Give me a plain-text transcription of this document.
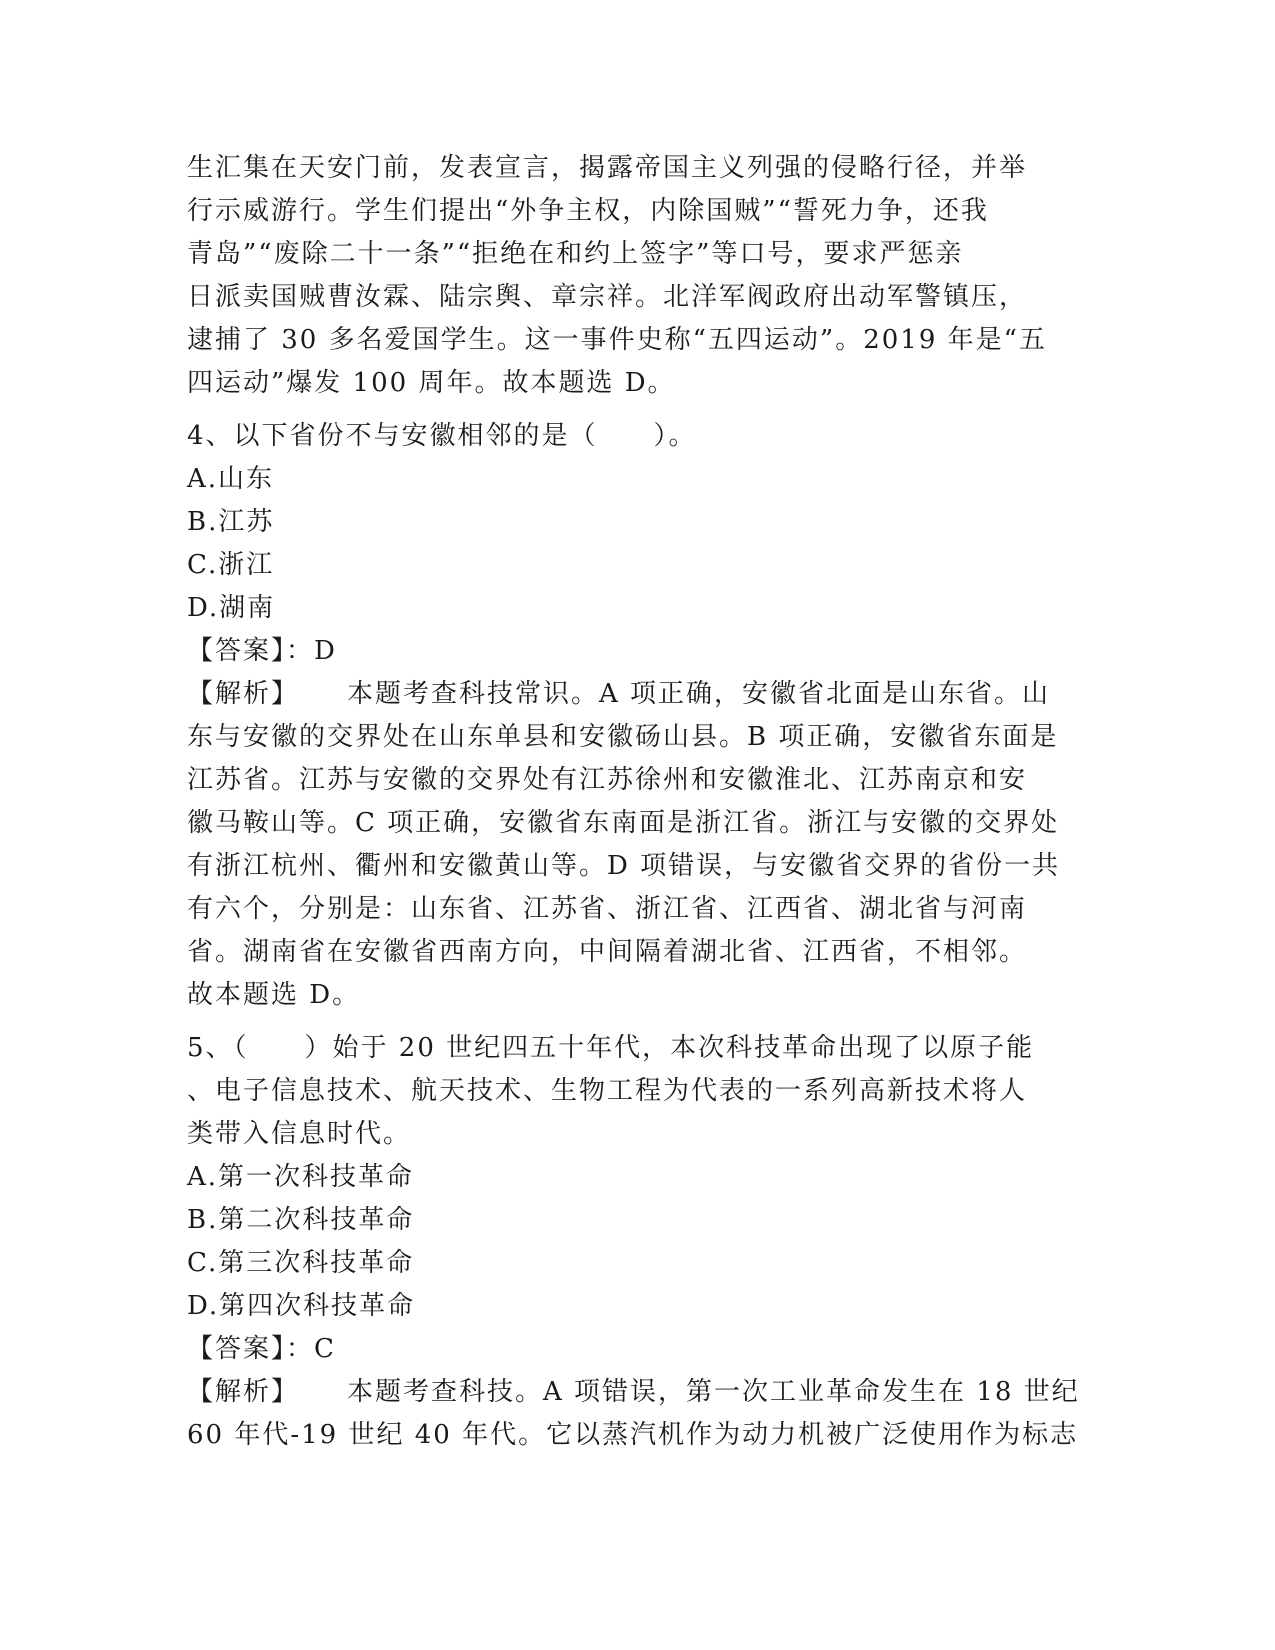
生汇集在天安门前，发表宣言，揭露帝国主义列强的侵略行径，并举
行示威游行。学生们提出“外争主权，内除国贼”“誓死力争，还我
青岛”“废除二十一条”“拒绝在和约上签字”等口号，要求严惩亲
日派卖国贼曹汝霖、陆宗舆、章宗祥。北洋军阀政府出动军警镇压，
逮捕了 30 多名爱国学生。这一事件史称“五四运动”。2019 年是“五
四运动”爆发 100 周年。故本题选 D。
4、以下省份不与安徽相邻的是（　　）。
A.山东
B.江苏
C.浙江
D.湖南
【答案】：D
【解析】 本题考查科技常识。A 项正确，安徽省北面是山东省。山
东与安徽的交界处在山东单县和安徽砀山县。B 项正确，安徽省东面是
江苏省。江苏与安徽的交界处有江苏徐州和安徽淮北、江苏南京和安
徽马鞍山等。C 项正确，安徽省东南面是浙江省。浙江与安徽的交界处
有浙江杭州、衢州和安徽黄山等。D 项错误，与安徽省交界的省份一共
有六个，分别是：山东省、江苏省、浙江省、江西省、湖北省与河南
省。湖南省在安徽省西南方向，中间隔着湖北省、江西省，不相邻。
故本题选 D。
5、（　　）始于 20 世纪四五十年代，本次科技革命出现了以原子能
、电子信息技术、航天技术、生物工程为代表的一系列高新技术将人
类带入信息时代。
A.第一次科技革命
B.第二次科技革命
C.第三次科技革命
D.第四次科技革命
【答案】：C
【解析】 本题考查科技。A 项错误，第一次工业革命发生在 18 世纪
60 年代-19 世纪 40 年代。它以蒸汽机作为动力机被广泛使用作为标志
